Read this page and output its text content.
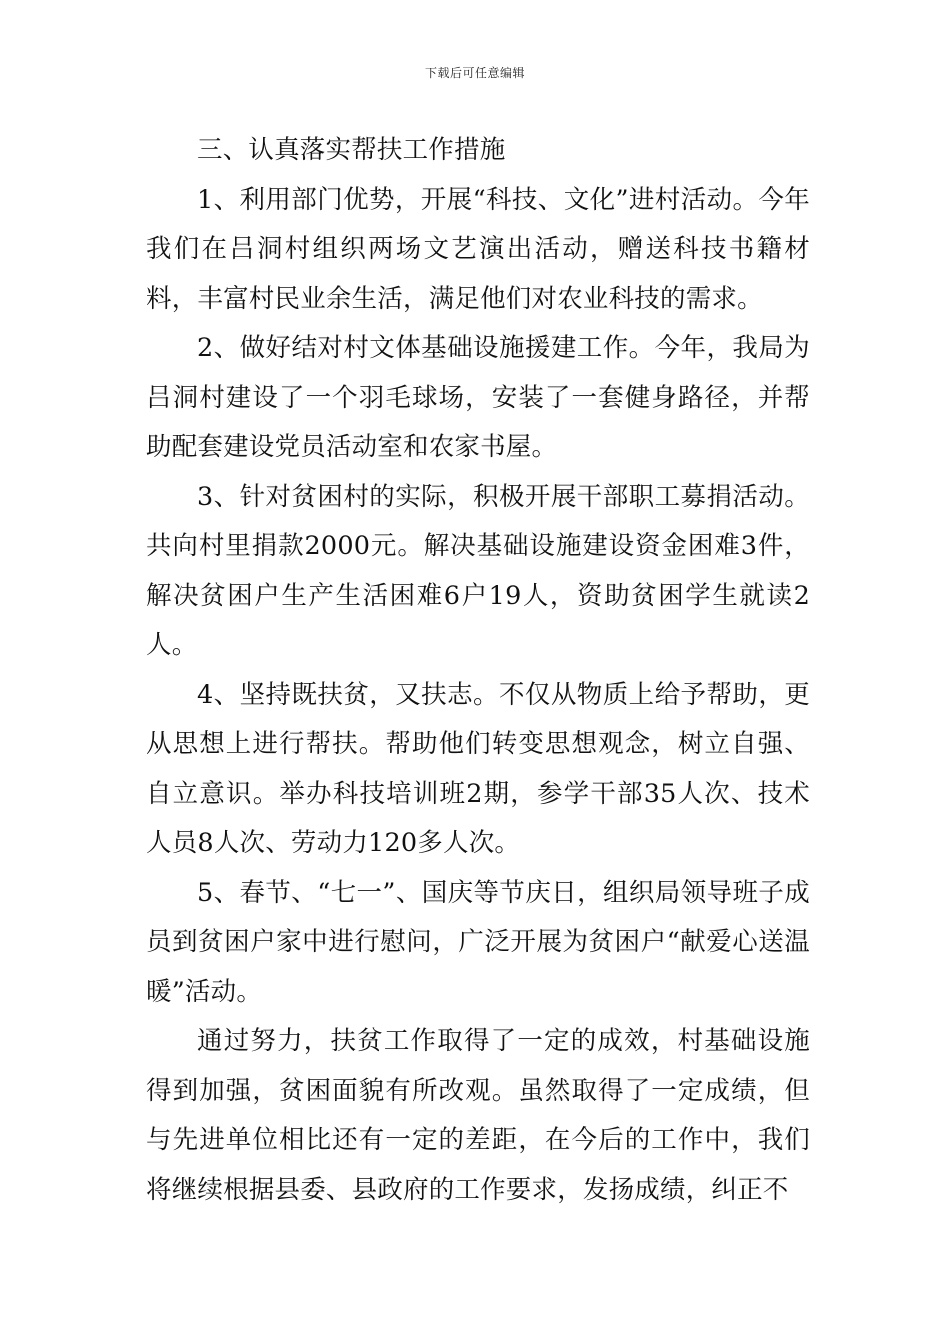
下载后可任意编辑

三、认真落实帮扶工作措施

1、利用部门优势，开展“科技、文化”进村活动。今年我们在吕洞村组织两场文艺演出活动，赠送科技书籍材料，丰富村民业余生活，满足他们对农业科技的需求。

2、做好结对村文体基础设施援建工作。今年，我局为吕洞村建设了一个羽毛球场，安装了一套健身路径，并帮助配套建设党员活动室和农家书屋。

3、针对贫困村的实际，积极开展干部职工募捐活动。共向村里捐款2000元。解决基础设施建设资金困难3件，解决贫困户生产生活困难6户19人，资助贫困学生就读2人。

4、坚持既扶贫，又扶志。不仅从物质上给予帮助，更从思想上进行帮扶。帮助他们转变思想观念，树立自强、自立意识。举办科技培训班2期，参学干部35人次、技术人员8人次、劳动力120多人次。

5、春节、“七一”、国庆等节庆日，组织局领导班子成员到贫困户家中进行慰问，广泛开展为贫困户“献爱心送温暖”活动。

通过努力，扶贫工作取得了一定的成效，村基础设施得到加强，贫困面貌有所改观。虽然取得了一定成绩，但与先进单位相比还有一定的差距，在今后的工作中，我们将继续根据县委、县政府的工作要求，发扬成绩，纠正不
